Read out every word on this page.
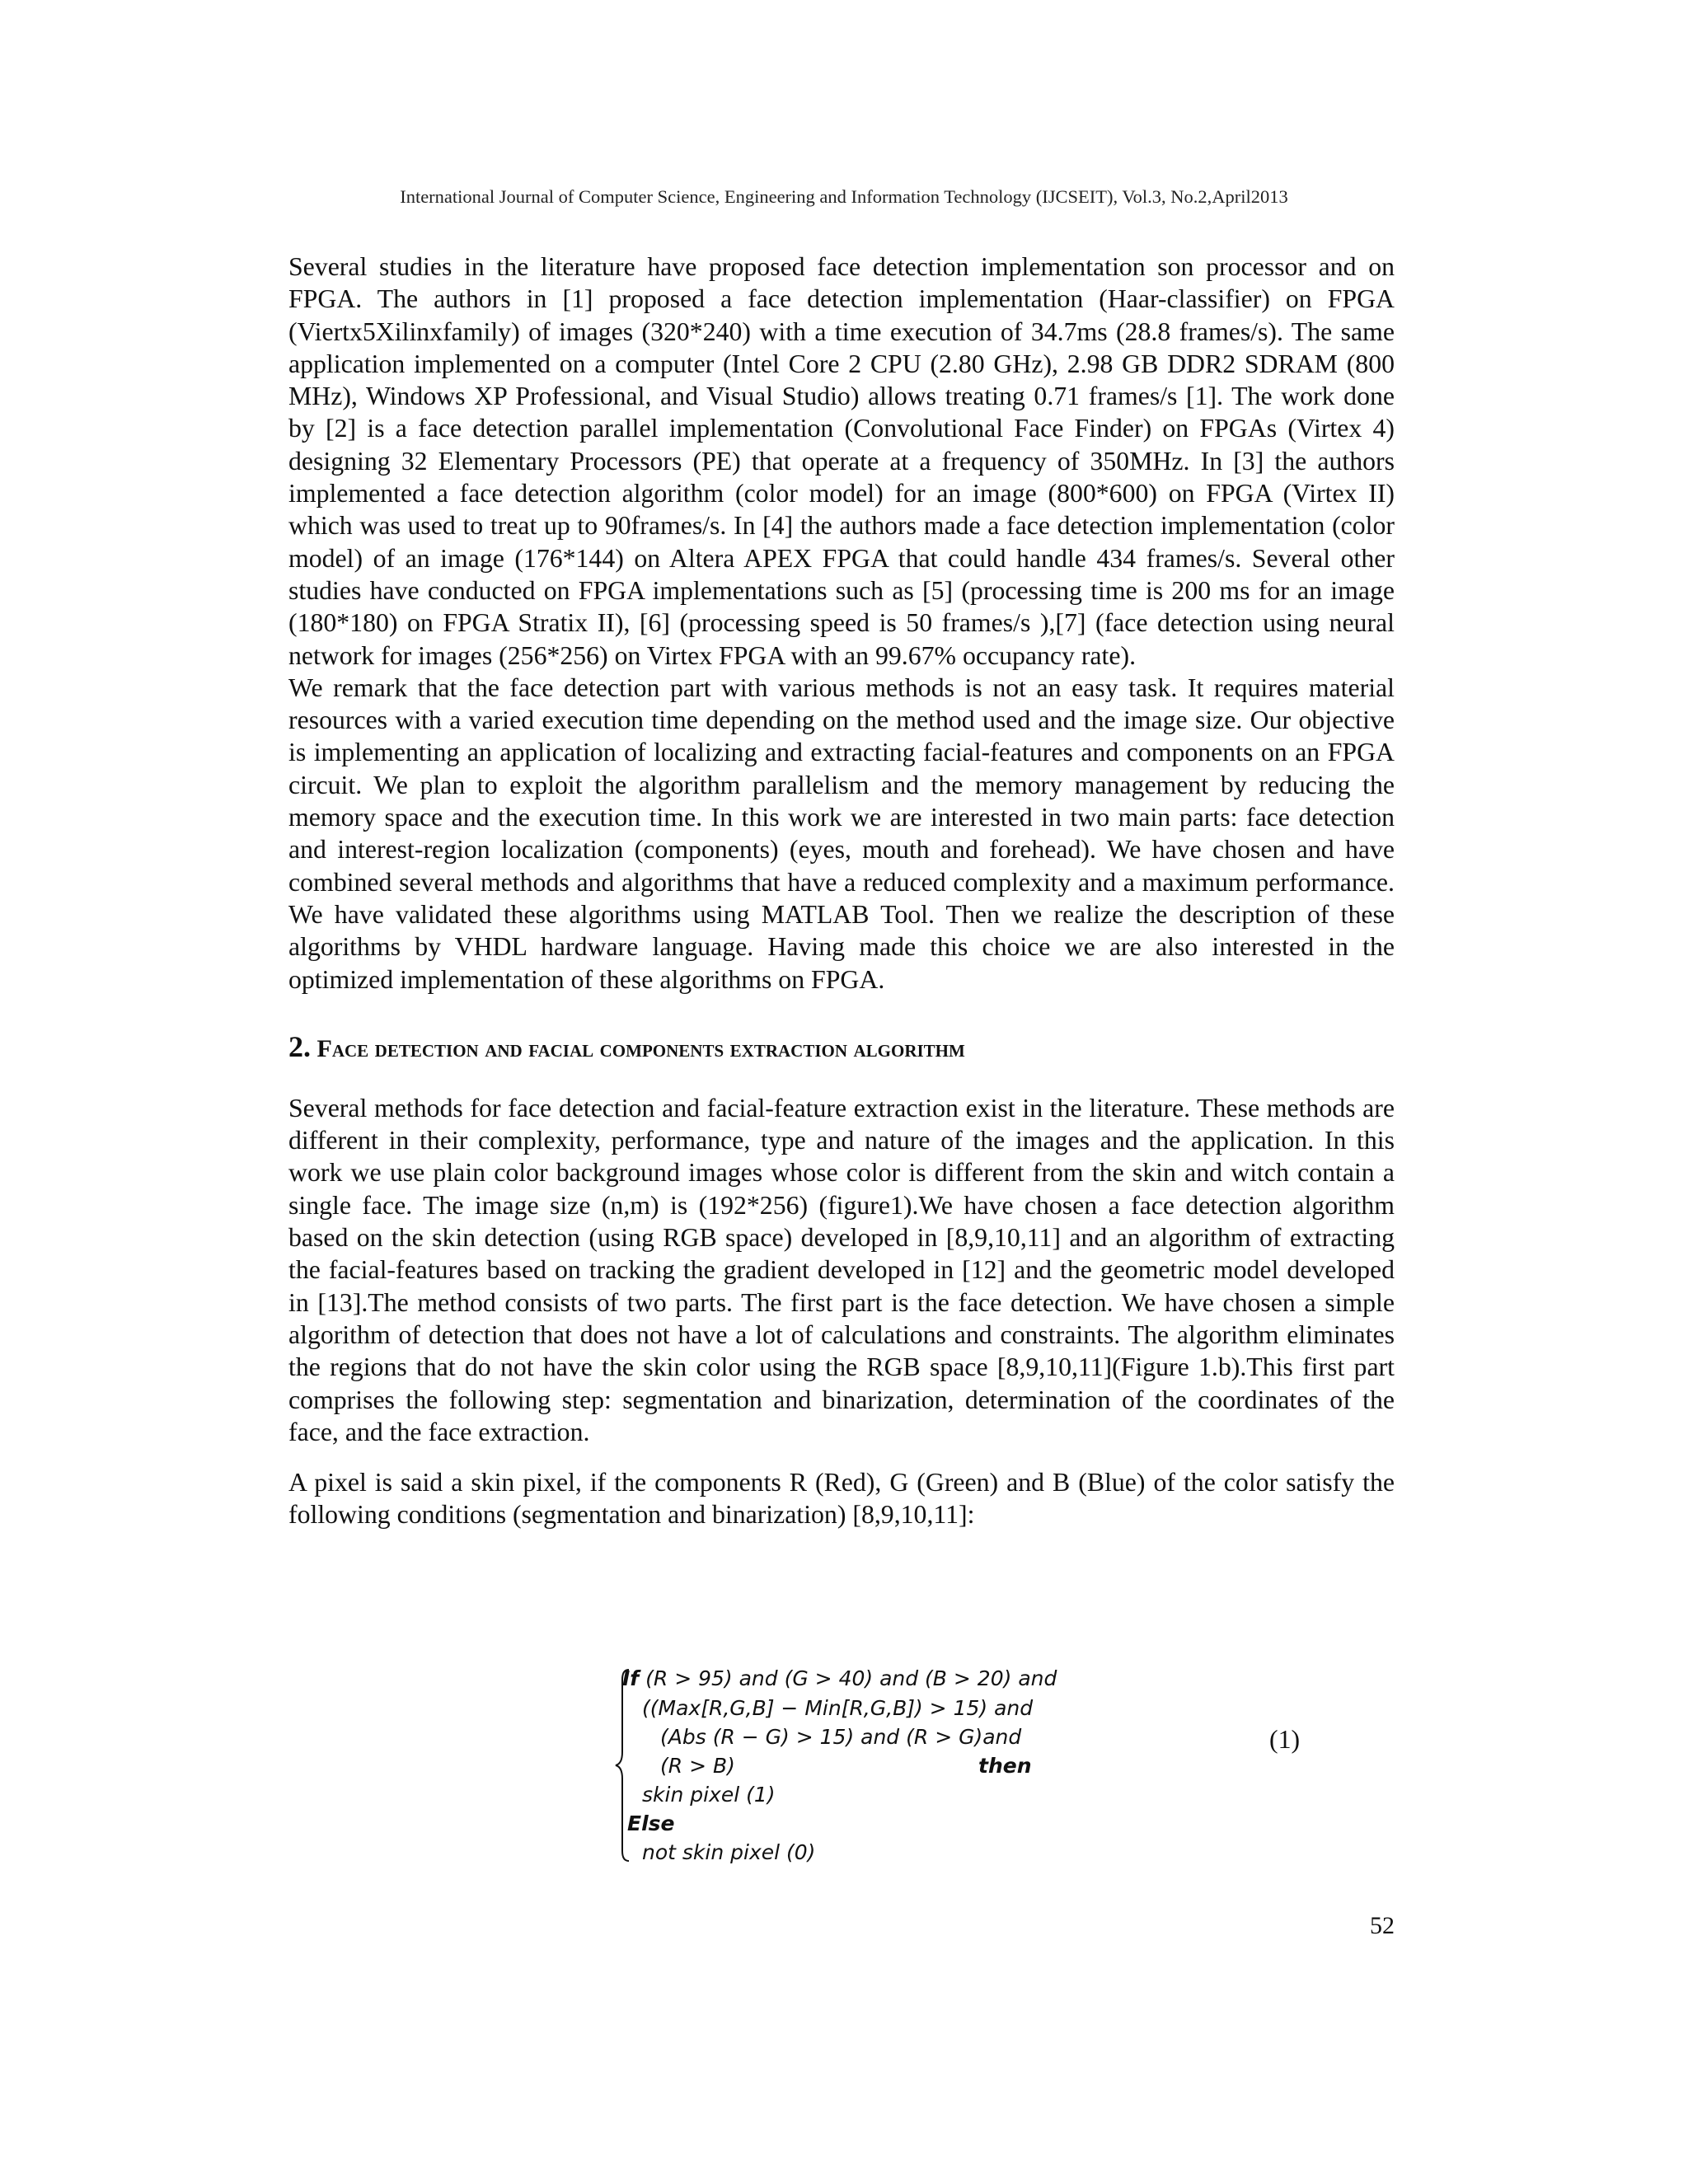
International Journal of Computer Science, Engineering and Information Technology (IJCSEIT), Vol.3, No.2,April2013

Several studies in the literature have proposed face detection implementation son processor and on FPGA. The authors in [1] proposed a face detection implementation (Haar-classifier) on FPGA (Viertx5Xilinxfamily) of images (320*240) with a time execution of 34.7ms (28.8 frames/s). The same application implemented on a computer (Intel Core 2 CPU (2.80 GHz), 2.98 GB DDR2 SDRAM (800 MHz), Windows XP Professional, and Visual Studio) allows treating 0.71 frames/s [1]. The work done by [2] is a face detection parallel implementation (Convolutional Face Finder) on FPGAs (Virtex 4) designing 32 Elementary Processors (PE) that operate at a frequency of 350MHz. In [3] the authors implemented a face detection algorithm (color model) for an image (800*600) on FPGA (Virtex II) which was used to treat up to 90frames/s. In [4] the authors made a face detection implementation (color model) of an image (176*144) on Altera APEX FPGA that could handle 434 frames/s. Several other studies have conducted on FPGA implementations such as [5] (processing time is 200 ms for an image (180*180) on FPGA Stratix II), [6] (processing speed is 50 frames/s ),[7] (face detection using neural network for images (256*256) on Virtex FPGA with an 99.67% occupancy rate).

We remark that the face detection part with various methods is not an easy task. It requires material resources with a varied execution time depending on the method used and the image size. Our objective is implementing an application of localizing and extracting facial-features and components on an FPGA circuit. We plan to exploit the algorithm parallelism and the memory management by reducing the memory space and the execution time. In this work we are interested in two main parts: face detection and interest-region localization (components) (eyes, mouth and forehead). We have chosen and have combined several methods and algorithms that have a reduced complexity and a maximum performance. We have validated these algorithms using MATLAB Tool. Then we realize the description of these algorithms by VHDL hardware language. Having made this choice we are also interested in the optimized implementation of these algorithms on FPGA.

2. Face detection and facial components extraction algorithm

Several methods for face detection and facial-feature extraction exist in the literature. These methods are different in their complexity, performance, type and nature of the images and the application. In this work we use plain color background images whose color is different from the skin and witch contain a single face. The image size (n,m) is (192*256) (figure1).We have chosen a face detection algorithm based on the skin detection (using RGB space) developed in [8,9,10,11] and an algorithm of extracting the facial-features based on tracking the gradient developed in [12] and the geometric model developed in [13].The method consists of two parts. The first part is the face detection. We have chosen a simple algorithm of detection that does not have a lot of calculations and constraints. The algorithm eliminates the regions that do not have the skin color using the RGB space [8,9,10,11](Figure 1.b).This first part comprises the following step: segmentation and binarization, determination of the coordinates of the face, and the face extraction.

A pixel is said a skin pixel, if the components R (Red), G (Green) and B (Blue) of the color satisfy the following conditions (segmentation and binarization) [8,9,10,11]:

If (R > 95) and (G > 40) and (B > 20) and
((Max[R,G,B] − Min[R,G,B]) > 15) and
(Abs (R − G) > 15) and (R > G)and
(R > B)	then
skin pixel (1)
Else
not skin pixel (0)
(1)
52
